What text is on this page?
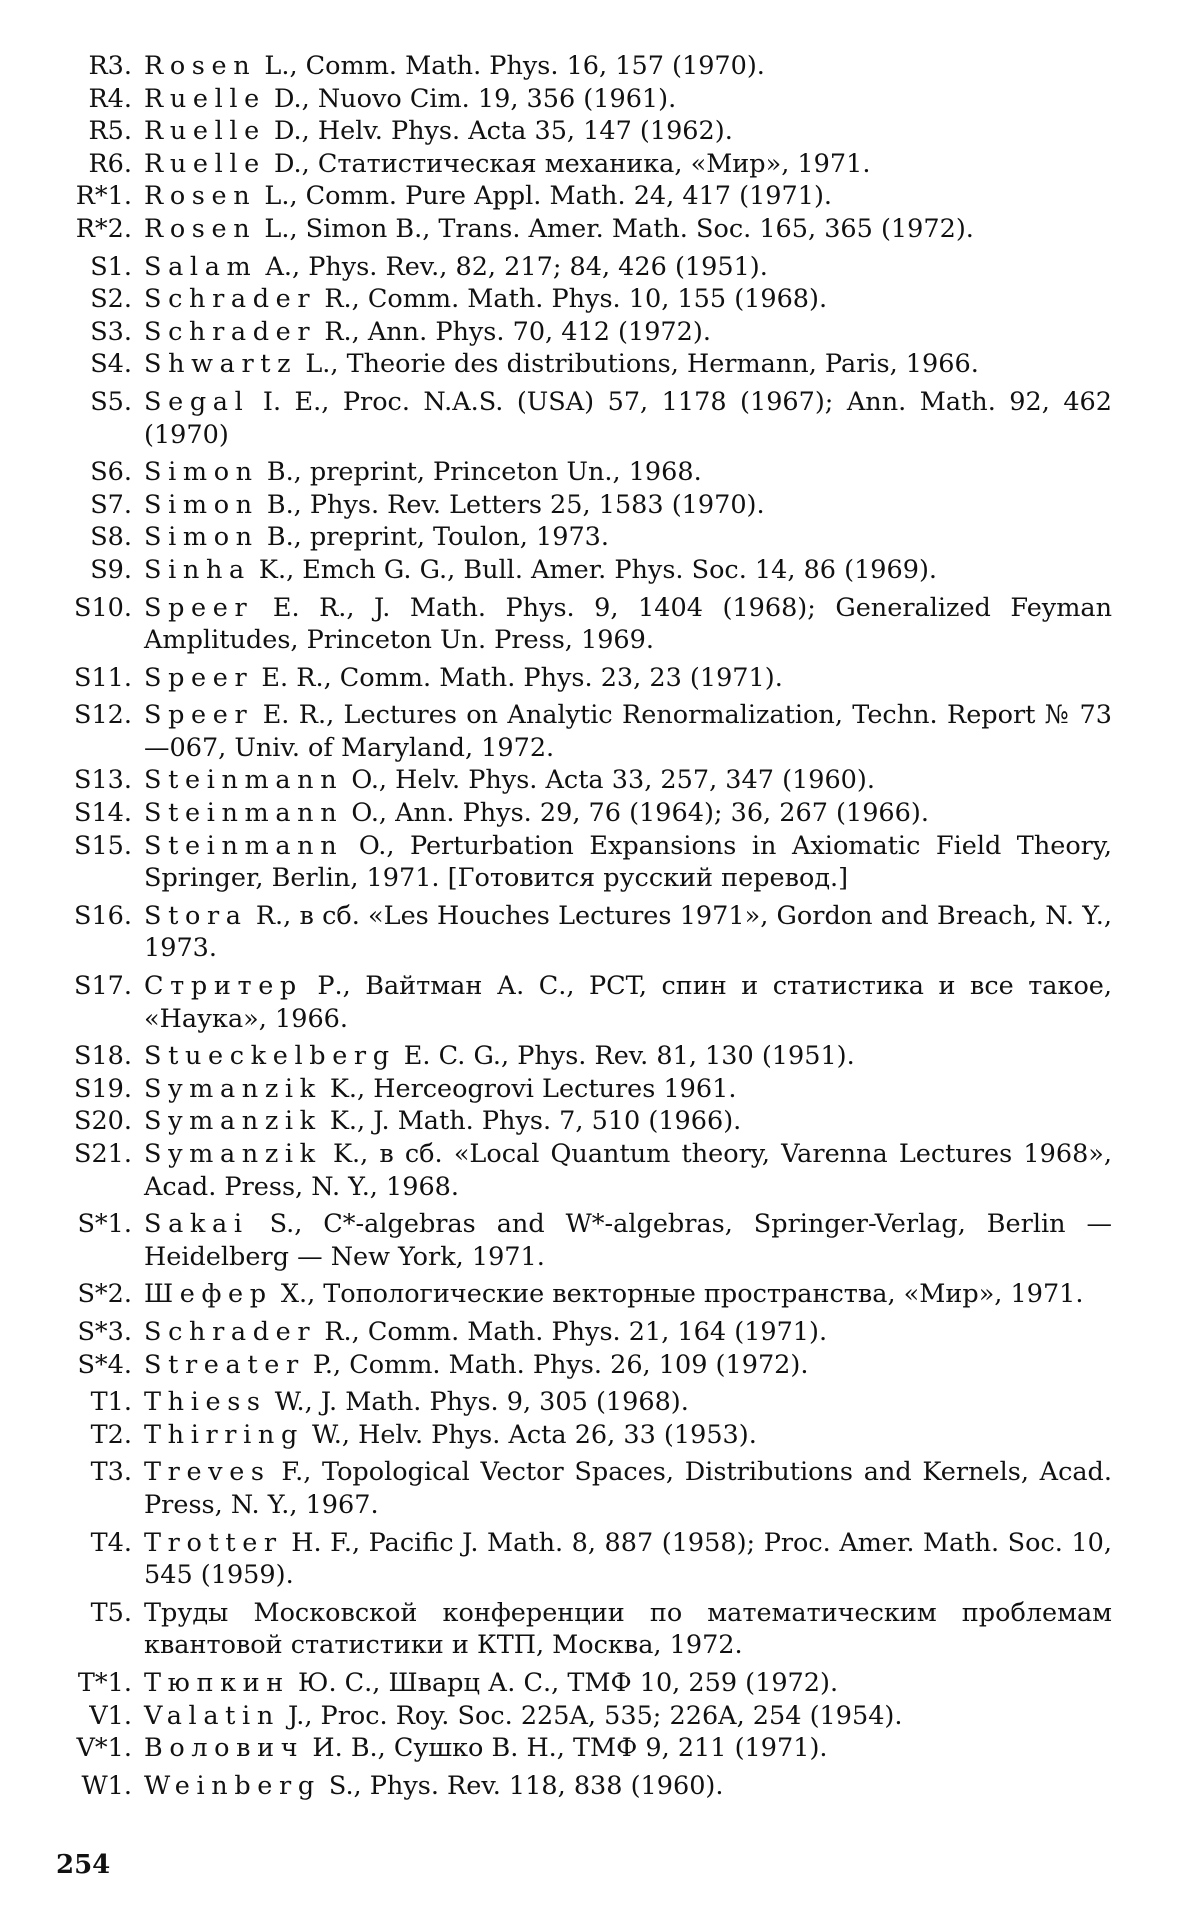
R3. Rosen L., Comm. Math. Phys. 16, 157 (1970).
R4. Ruelle D., Nuovo Cim. 19, 356 (1961).
R5. Ruelle D., Helv. Phys. Acta 35, 147 (1962).
R6. Ruelle D., Статистическая механика, «Мир», 1971.
R*1. Rosen L., Comm. Pure Appl. Math. 24, 417 (1971).
R*2. Rosen L., Simon B., Trans. Amer. Math. Soc. 165, 365 (1972).
S1. Salam A., Phys. Rev., 82, 217; 84, 426 (1951).
S2. Schrader R., Comm. Math. Phys. 10, 155 (1968).
S3. Schrader R., Ann. Phys. 70, 412 (1972).
S4. Shwartz L., Theorie des distributions, Hermann, Paris, 1966.
S5. Segal I. E., Proc. N.A.S. (USA) 57, 1178 (1967); Ann. Math. 92, 462 (1970)
S6. Simon B., preprint, Princeton Un., 1968.
S7. Simon B., Phys. Rev. Letters 25, 1583 (1970).
S8. Simon B., preprint, Toulon, 1973.
S9. Sinha K., Emch G. G., Bull. Amer. Phys. Soc. 14, 86 (1969).
S10. Speer E. R., J. Math. Phys. 9, 1404 (1968); Generalized Feyman Amplitudes, Princeton Un. Press, 1969.
S11. Speer E. R., Comm. Math. Phys. 23, 23 (1971).
S12. Speer E. R., Lectures on Analytic Renormalization, Techn. Report № 73—067, Univ. of Maryland, 1972.
S13. Steinmann O., Helv. Phys. Acta 33, 257, 347 (1960).
S14. Steinmann O., Ann. Phys. 29, 76 (1964); 36, 267 (1966).
S15. Steinmann O., Perturbation Expansions in Axiomatic Field Theory, Springer, Berlin, 1971. [Готовится русский перевод.]
S16. Stora R., в сб. «Les Houches Lectures 1971», Gordon and Breach, N. Y., 1973.
S17. Стритер Р., Вайтман А. С., PCT, спин и статистика и все такое, «Наука», 1966.
S18. Stueckelberg E. C. G., Phys. Rev. 81, 130 (1951).
S19. Symanzik K., Herceogrovi Lectures 1961.
S20. Symanzik K., J. Math. Phys. 7, 510 (1966).
S21. Symanzik K., в сб. «Local Quantum theory, Varenna Lectures 1968», Acad. Press, N. Y., 1968.
S*1. Sakai S., C*-algebras and W*-algebras, Springer-Verlag, Berlin — Heidelberg — New York, 1971.
S*2. Шефер Х., Топологические векторные пространства, «Мир», 1971.
S*3. Schrader R., Comm. Math. Phys. 21, 164 (1971).
S*4. Streater P., Comm. Math. Phys. 26, 109 (1972).
T1. Thiess W., J. Math. Phys. 9, 305 (1968).
T2. Thirring W., Helv. Phys. Acta 26, 33 (1953).
T3. Treves F., Topological Vector Spaces, Distributions and Kernels, Acad. Press, N. Y., 1967.
T4. Trotter H. F., Pacific J. Math. 8, 887 (1958); Proc. Amer. Math. Soc. 10, 545 (1959).
T5. Труды Московской конференции по математическим проблемам квантовой статистики и КТП, Москва, 1972.
T*1. Тюпкин Ю. С., Шварц А. С., ТМФ 10, 259 (1972).
V1. Valatin J., Proc. Roy. Soc. 225A, 535; 226A, 254 (1954).
V*1. Волович И. В., Сушко В. Н., ТМФ 9, 211 (1971).
W1. Weinberg S., Phys. Rev. 118, 838 (1960).
254
